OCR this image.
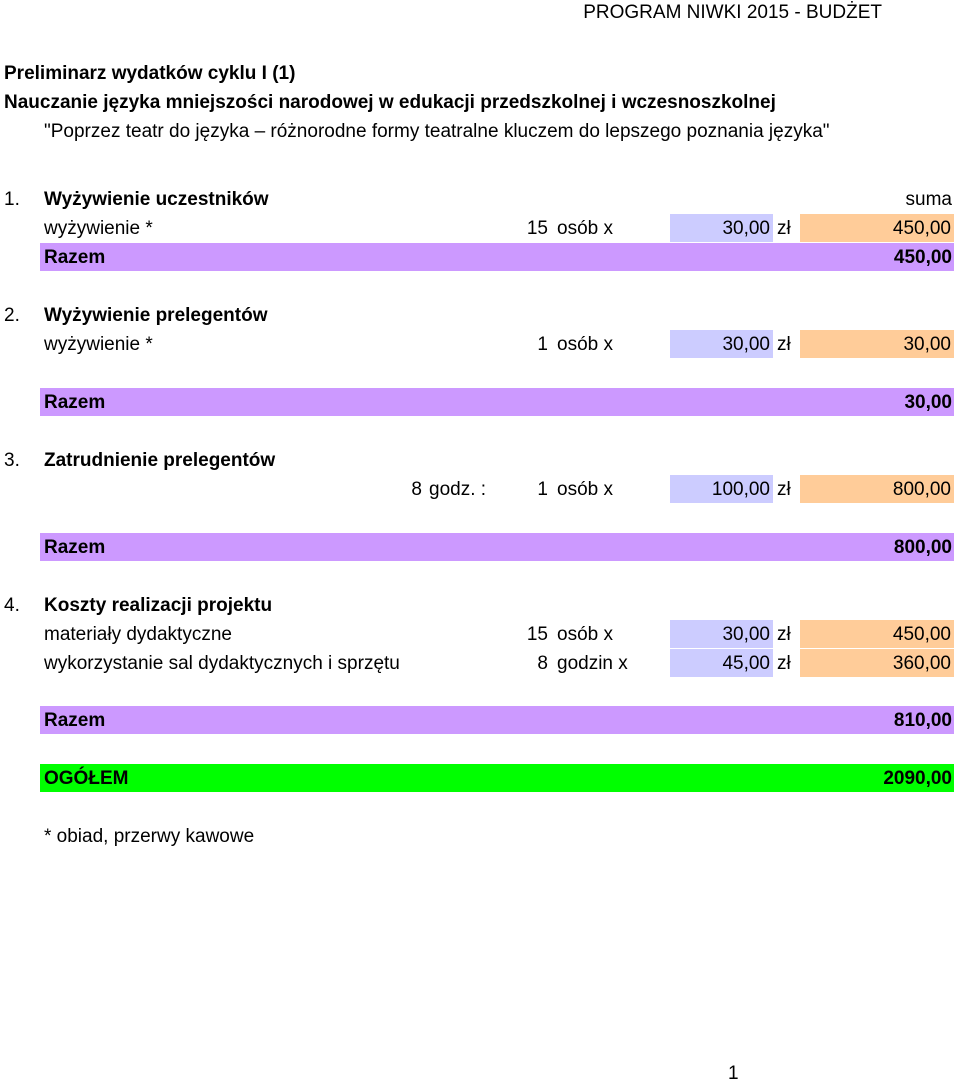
PROGRAM NIWKI 2015 - BUDŻET
Preliminarz wydatków cyklu I (1)
Nauczanie języka mniejszości narodowej w edukacji przedszkolnej i wczesnoszkolnej
"Poprzez teatr do języka – różnorodne formy teatralne kluczem do lepszego poznania języka"
1. Wyżywienie uczestników	suma
wyżywienie *	15 osób x	30,00 zł	450,00
Razem	450,00
2. Wyżywienie prelegentów
wyżywienie *	1 osób x	30,00 zł	30,00
Razem	30,00
3. Zatrudnienie prelegentów
8 godz. :	1 osób x	100,00 zł	800,00
Razem	800,00
4. Koszty realizacji projektu
materiały dydaktyczne	15 osób x	30,00 zł	450,00
wykorzystanie sal dydaktycznych i sprzętu	8 godzin x	45,00 zł	360,00
Razem	810,00
OGÓŁEM	2090,00
* obiad, przerwy kawowe
1
